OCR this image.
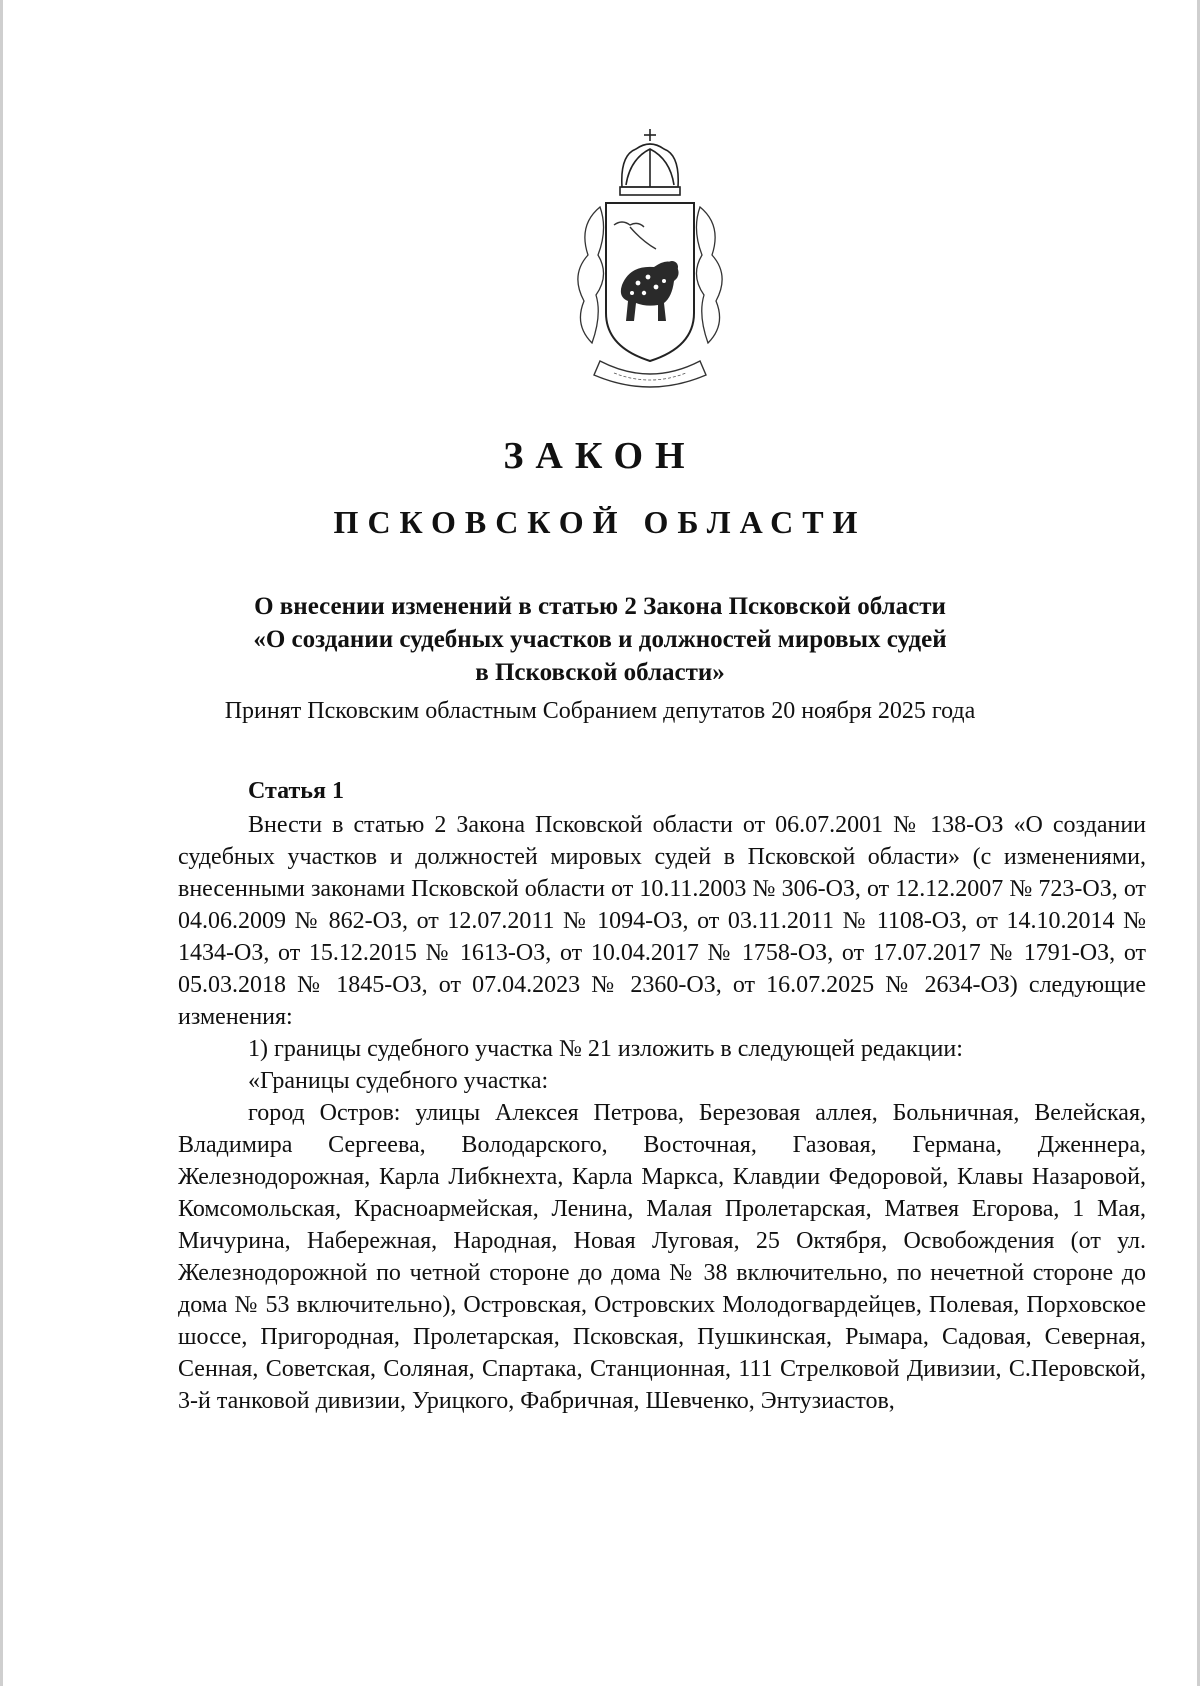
ЗАКОН
ПСКОВСКОЙ ОБЛАСТИ
О внесении изменений в статью 2 Закона Псковской области
«О создании судебных участков и должностей мировых судей
в Псковской области»
Принят Псковским областным Собранием депутатов 20 ноября 2025 года
Статья 1

Внести в статью 2 Закона Псковской области от 06.07.2001 № 138-ОЗ «О создании судебных участков и должностей мировых судей в Псковской области» (с изменениями, внесенными законами Псковской области от 10.11.2003 № 306-ОЗ, от 12.12.2007 № 723-ОЗ, от 04.06.2009 № 862-ОЗ, от 12.07.2011 № 1094-ОЗ, от 03.11.2011 № 1108-ОЗ, от 14.10.2014 № 1434-ОЗ, от 15.12.2015 № 1613-ОЗ, от 10.04.2017 № 1758-ОЗ, от 17.07.2017 № 1791-ОЗ, от 05.03.2018 № 1845-ОЗ, от 07.04.2023 № 2360-ОЗ, от 16.07.2025 № 2634-ОЗ) следующие изменения:

1) границы судебного участка № 21 изложить в следующей редакции:

«Границы судебного участка:

город Остров: улицы Алексея Петрова, Березовая аллея, Больничная, Велейская, Владимира Сергеева, Володарского, Восточная, Газовая, Германа, Дженнера, Железнодорожная, Карла Либкнехта, Карла Маркса, Клавдии Федоровой, Клавы Назаровой, Комсомольская, Красноармейская, Ленина, Малая Пролетарская, Матвея Егорова, 1 Мая, Мичурина, Набережная, Народная, Новая Луговая, 25 Октября, Освобождения (от ул. Железнодорожной по четной стороне до дома № 38 включительно, по нечетной стороне до дома № 53 включительно), Островская, Островских Молодогвардейцев, Полевая, Порховское шоссе, Пригородная, Пролетарская, Псковская, Пушкинская, Рымара, Садовая, Северная, Сенная, Советская, Соляная, Спартака, Станционная, 111 Стрелковой Дивизии, С.Перовской, 3-й танковой дивизии, Урицкого, Фабричная, Шевченко, Энтузиастов,
